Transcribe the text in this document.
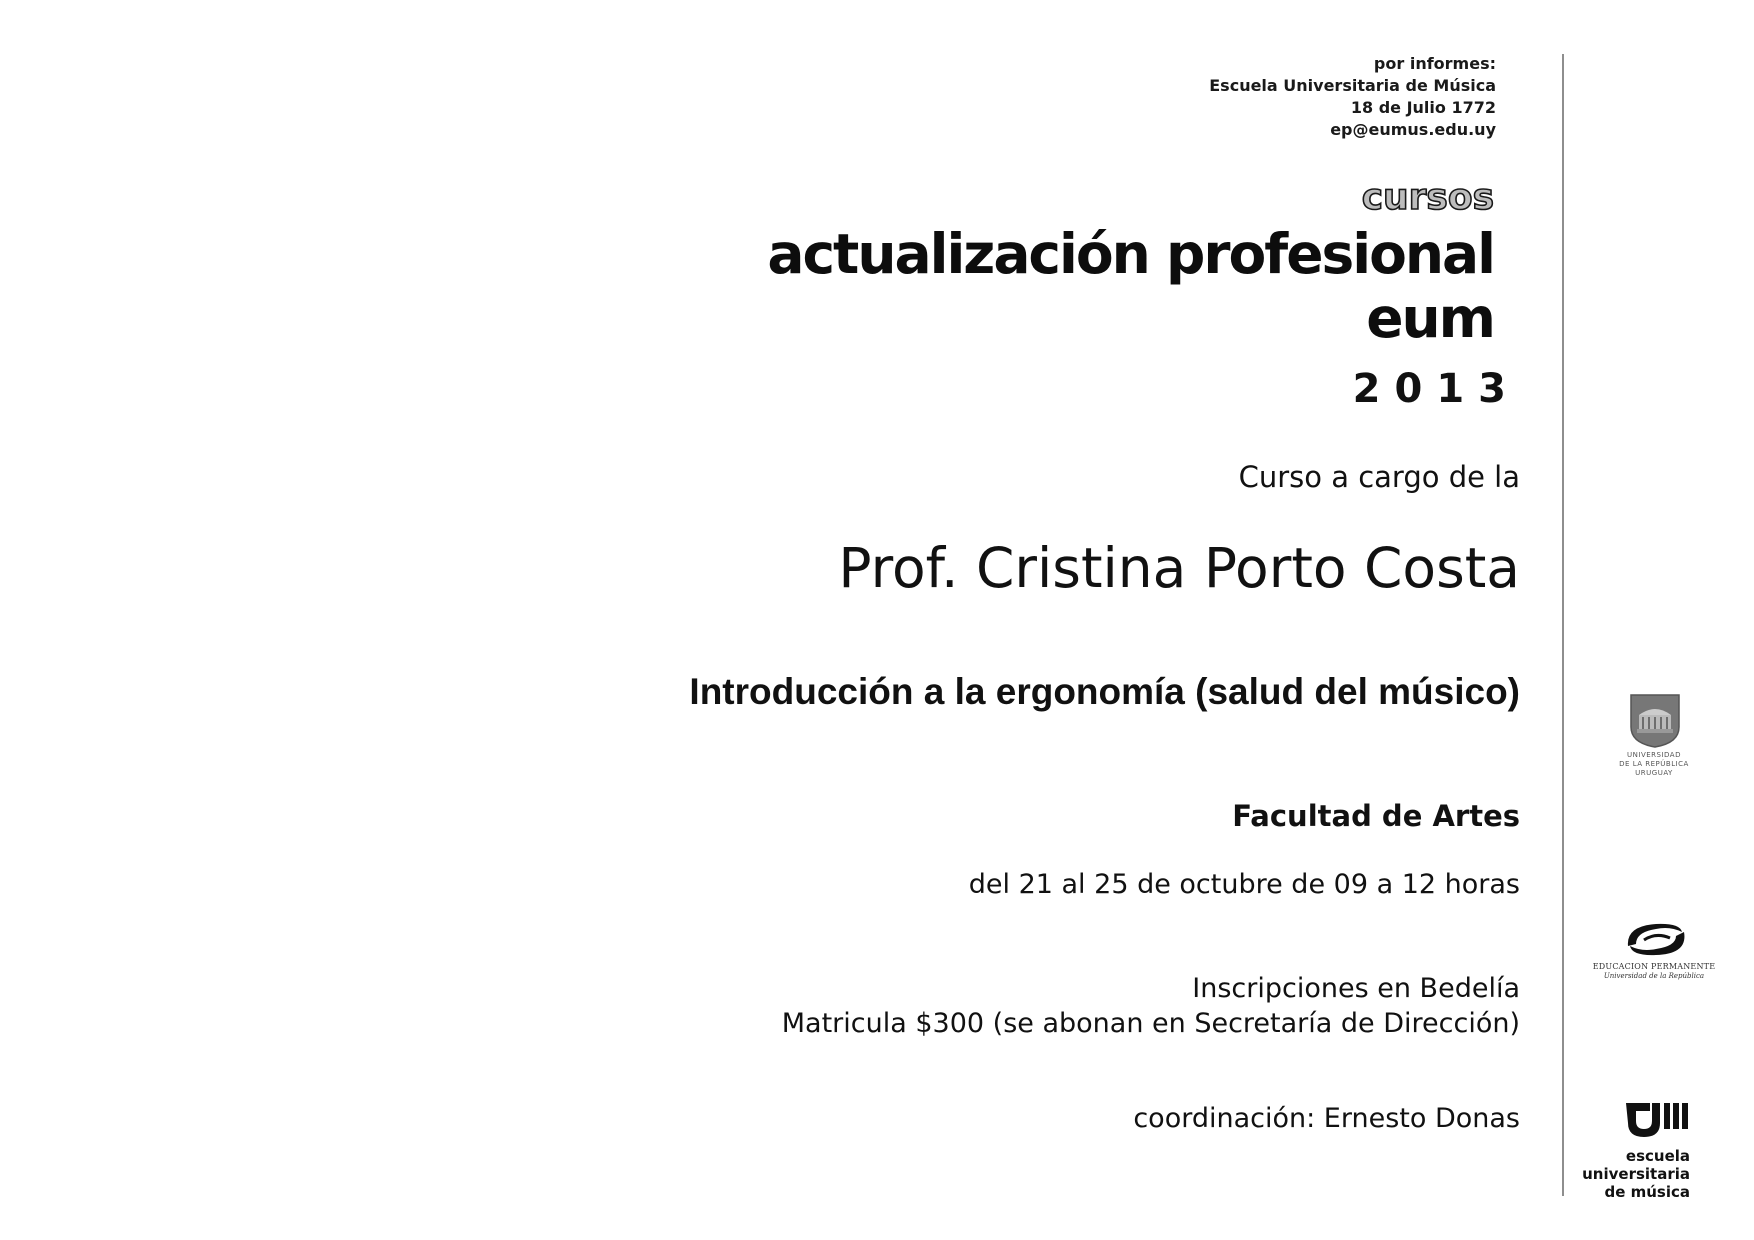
por informes:
Escuela Universitaria de Música
18 de Julio 1772
ep@eumus.edu.uy
cursos
actualización profesional
eum
2013
Curso a cargo de la
Prof. Cristina Porto Costa
Introducción a la ergonomía (salud del músico)
Facultad de Artes
del 21 al 25 de octubre de 09 a 12 horas
Inscripciones en Bedelía
Matricula $300 (se abonan en Secretaría de Dirección)
coordinación: Ernesto Donas
UNIVERSIDAD
DE LA REPÚBLICA
URUGUAY
EDUCACION PERMANENTE
Universidad de la República
escuela
universitaria
de música
